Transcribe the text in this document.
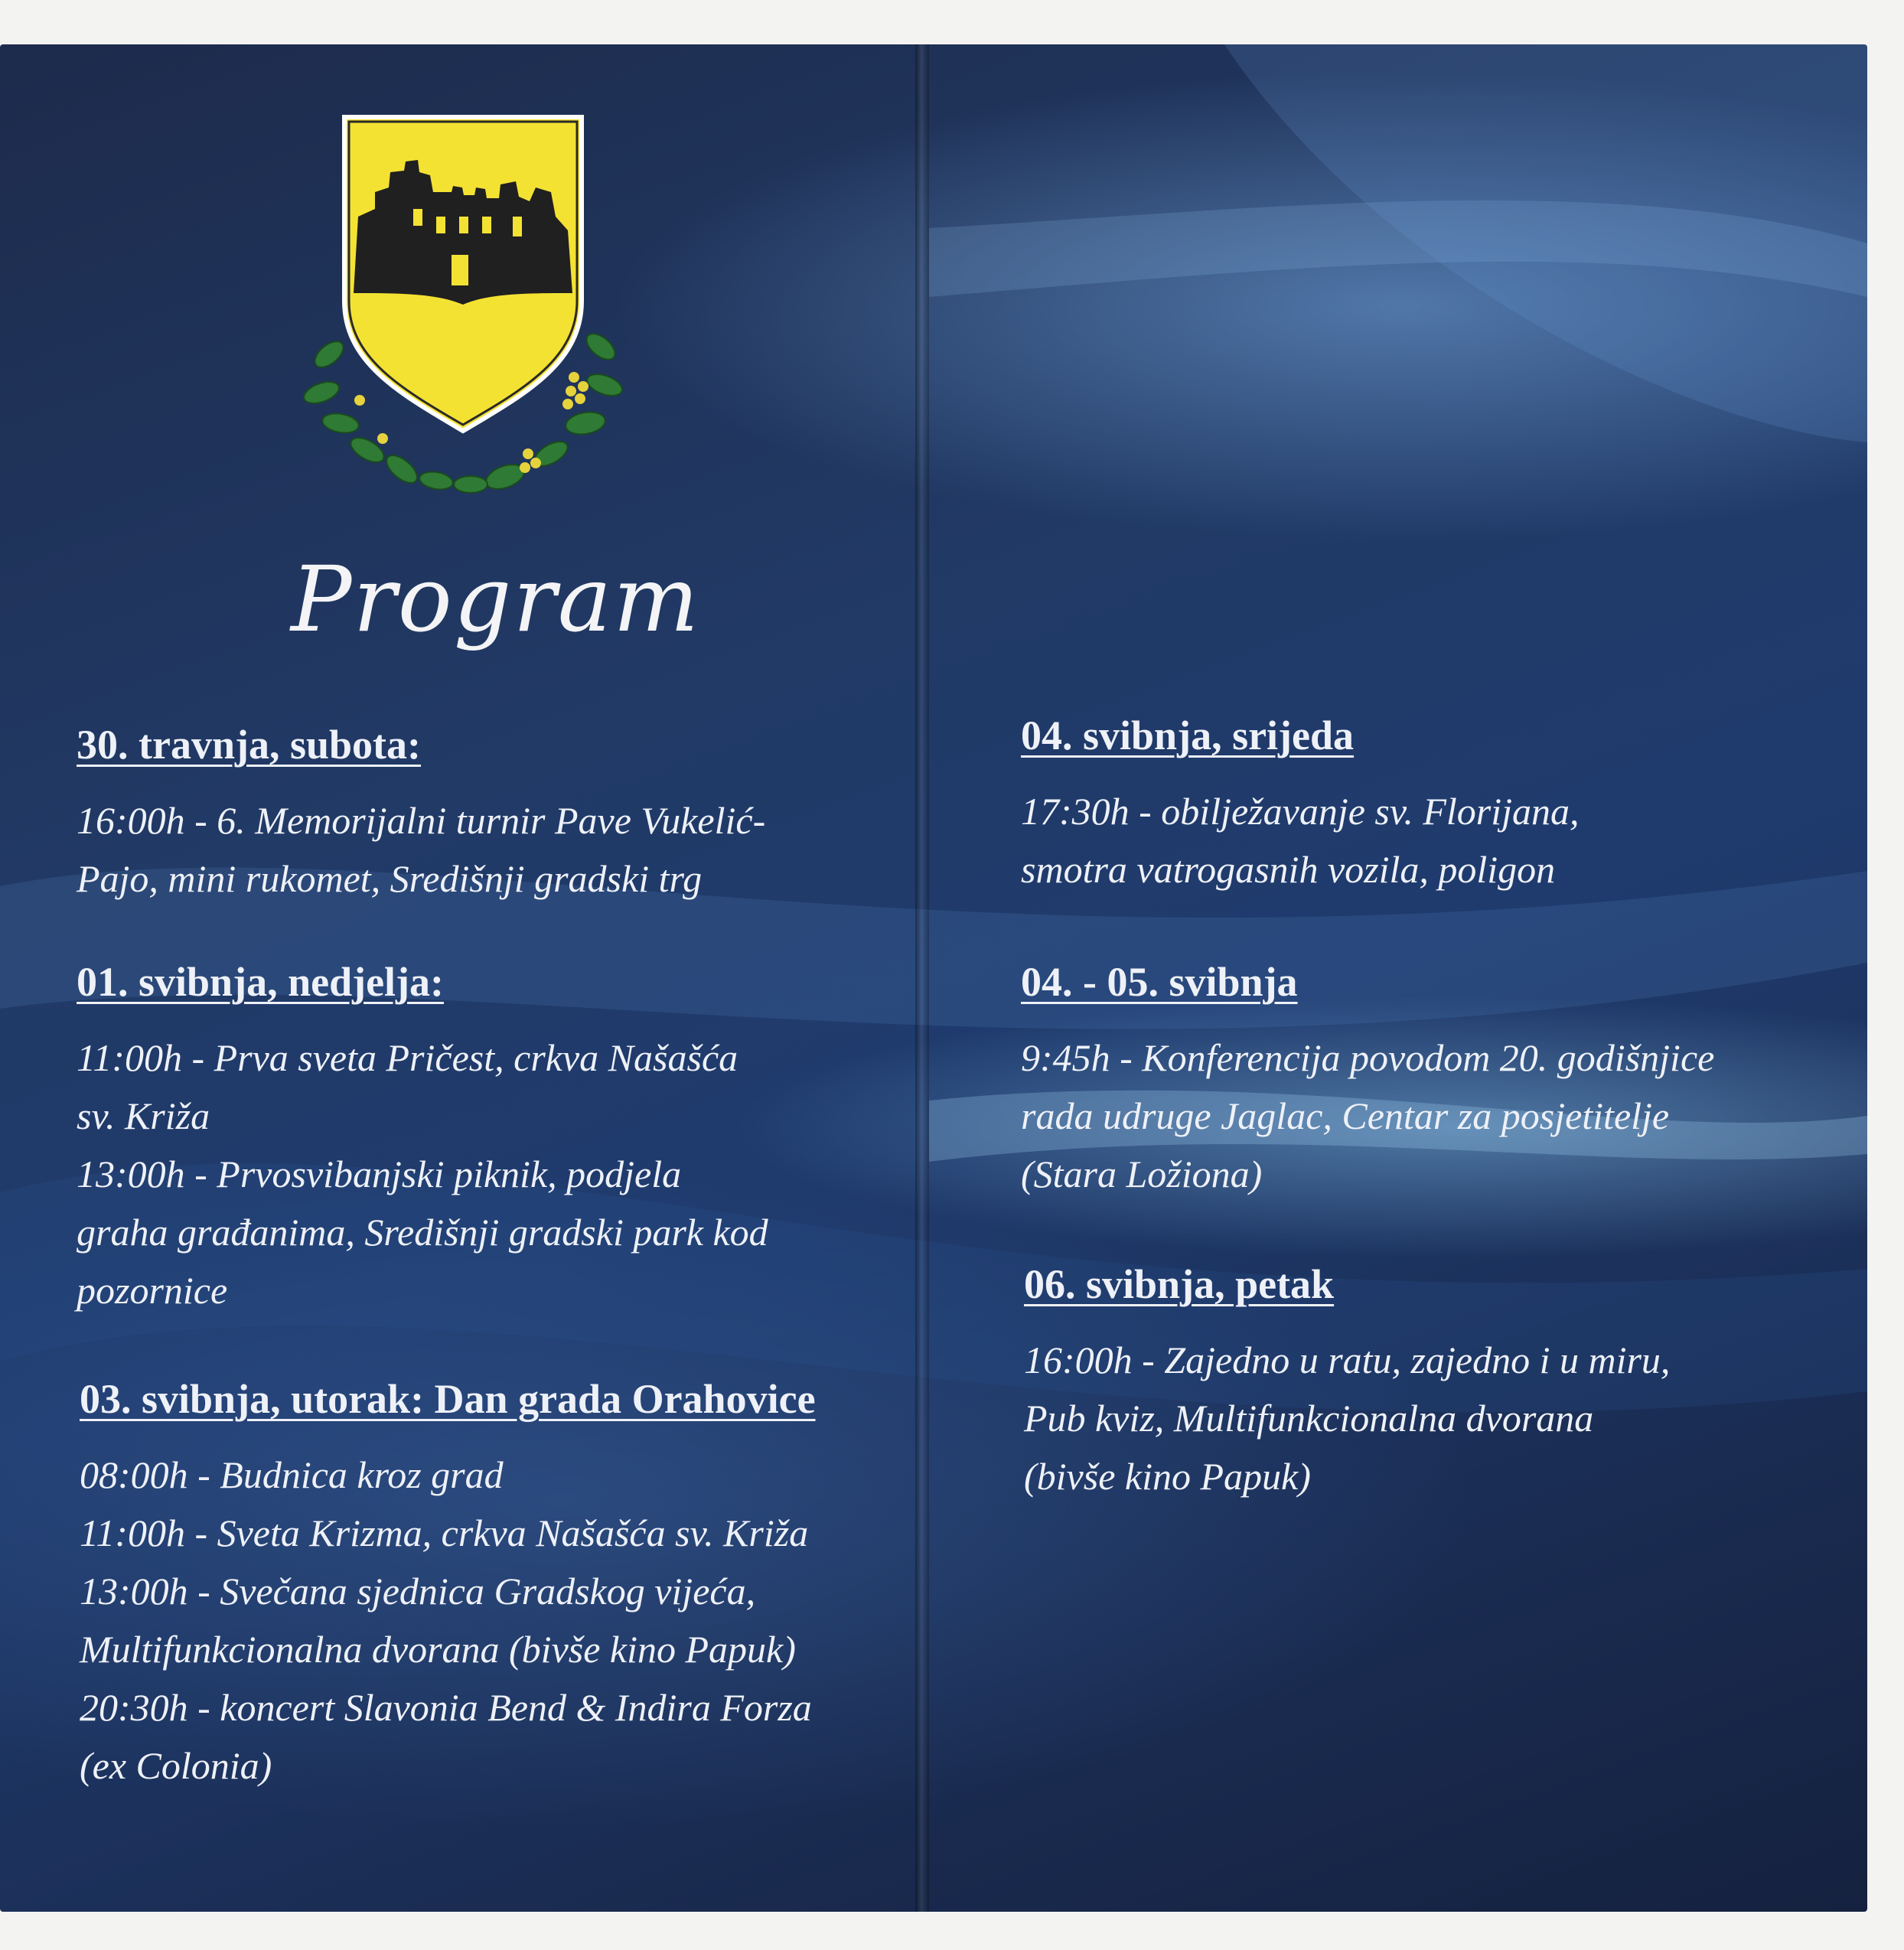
Program
30. travnja, subota:
16:00h - 6. Memorijalni turnir Pave Vukelić-
Pajo, mini rukomet, Središnji gradski trg
01. svibnja, nedjelja:
11:00h - Prva sveta Pričest, crkva Našašća
sv. Križa
13:00h - Prvosvibanjski piknik, podjela
graha građanima, Središnji gradski park kod
pozornice
03. svibnja, utorak: Dan grada Orahovice
08:00h - Budnica kroz grad
11:00h - Sveta Krizma, crkva Našašća sv. Križa
13:00h - Svečana sjednica Gradskog vijeća,
Multifunkcionalna dvorana (bivše kino Papuk)
20:30h - koncert Slavonia Bend & Indira Forza
(ex Colonia)
04. svibnja, srijeda
17:30h - obilježavanje sv. Florijana,
smotra vatrogasnih vozila, poligon
04. - 05. svibnja
9:45h - Konferencija povodom 20. godišnjice
rada udruge Jaglac, Centar za posjetitelje
(Stara Ložiona)
06. svibnja, petak
16:00h - Zajedno u ratu, zajedno i u miru,
Pub kviz, Multifunkcionalna dvorana
(bivše kino Papuk)
